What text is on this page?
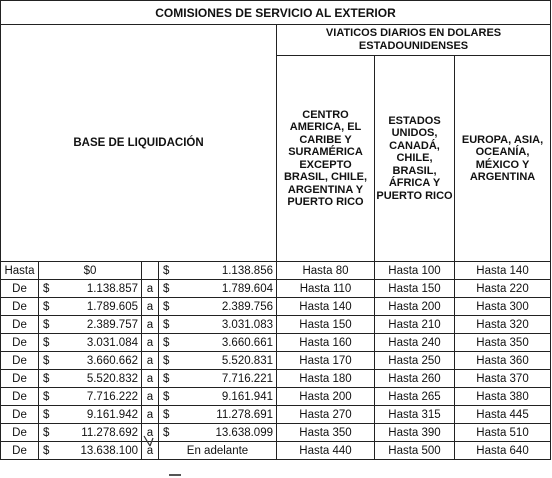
COMISIONES DE SERVICIO AL EXTERIOR								
BASE DE LIQUIDACIÓN						VIATICOS DIARIOS EN DOLARES ESTADOUNIDENSES		
						CENTRO AMERICA, EL CARIBE Y SURAMÉRICA EXCEPTO BRASIL, CHILE, ARGENTINA Y PUERTO RICO	ESTADOS UNIDOS, CANADÁ, CHILE, BRASIL, ÁFRICA Y PUERTO RICO	EUROPA, ASIA, OCEANÍA, MÉXICO Y ARGENTINA
Hasta	$0			$	1.138.856	Hasta 80	Hasta 100	Hasta 140
De	$	1.138.857	a	$	1.789.604	Hasta 110	Hasta 150	Hasta 220
De	$	1.789.605	a	$	2.389.756	Hasta 140	Hasta 200	Hasta 300
De	$	2.389.757	a	$	3.031.083	Hasta 150	Hasta 210	Hasta 320
De	$	3.031.084	a	$	3.660.661	Hasta 160	Hasta 240	Hasta 350
De	$	3.660.662	a	$	5.520.831	Hasta 170	Hasta 250	Hasta 360
De	$	5.520.832	a	$	7.716.221	Hasta 180	Hasta 260	Hasta 370
De	$	7.716.222	a	$	9.161.941	Hasta 200	Hasta 265	Hasta 380
De	$	9.161.942	a	$	11.278.691	Hasta 270	Hasta 315	Hasta 445
De	$	11.278.692	a	$	13.638.099	Hasta 350	Hasta 390	Hasta 510
De	$	13.638.100	a	En adelante		Hasta 440	Hasta 500	Hasta 640
